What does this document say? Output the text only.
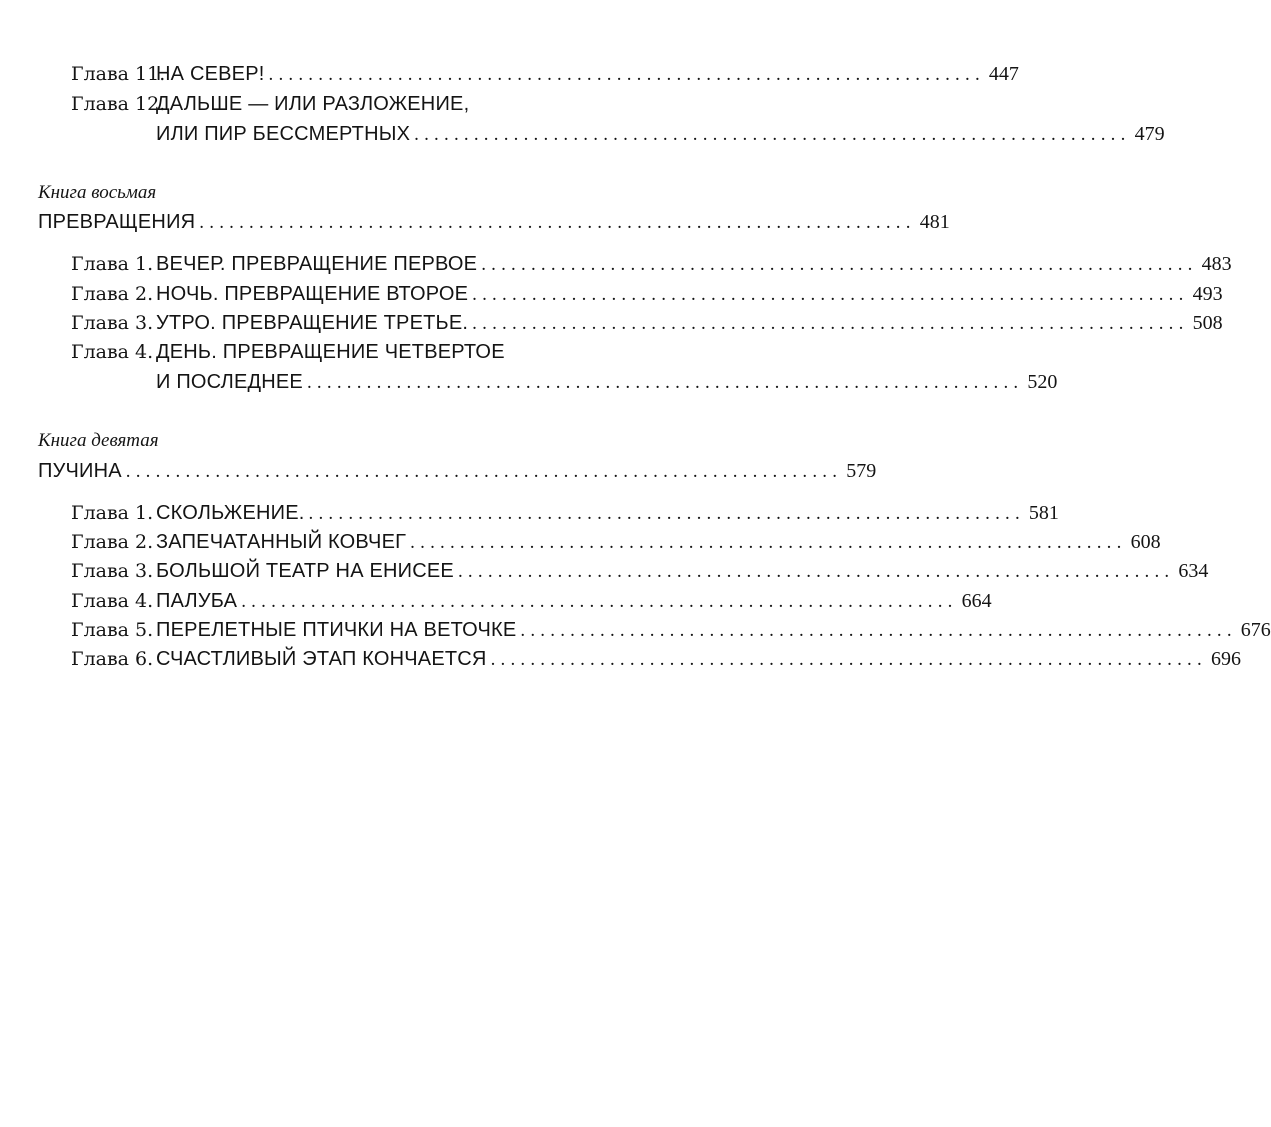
Глава 11.
НА СЕВЕР! ........................................................................ 447
Глава 12.
ДАЛЬШЕ — ИЛИ РАЗЛОЖЕНИЕ,
ИЛИ ПИР БЕССМЕРТНЫХ ........................................................................ 479
Книга восьмая
ПРЕВРАЩЕНИЯ ........................................................................ 481
Глава 1. ВЕЧЕР. ПРЕВРАЩЕНИЕ ПЕРВОЕ ........................................................................ 483
Глава 2. НОЧЬ. ПРЕВРАЩЕНИЕ ВТОРОЕ ........................................................................ 493
Глава 3. УТРО. ПРЕВРАЩЕНИЕ ТРЕТЬЕ. ........................................................................ 508
Глава 4. ДЕНЬ. ПРЕВРАЩЕНИЕ ЧЕТВЕРТОЕ
И ПОСЛЕДНЕЕ ........................................................................ 520
Книга девятая
ПУЧИНА ........................................................................ 579
Глава 1. СКОЛЬЖЕНИЕ. ........................................................................ 581
Глава 2. ЗАПЕЧАТАННЫЙ КОВЧЕГ ........................................................................ 608
Глава 3. БОЛЬШОЙ ТЕАТР НА ЕНИСЕЕ ........................................................................ 634
Глава 4. ПАЛУБА ........................................................................ 664
Глава 5. ПЕРЕЛЕТНЫЕ ПТИЧКИ НА ВЕТОЧКЕ ........................................................................ 676
Глава 6. СЧАСТЛИВЫЙ ЭТАП КОНЧАЕТСЯ ........................................................................ 696
